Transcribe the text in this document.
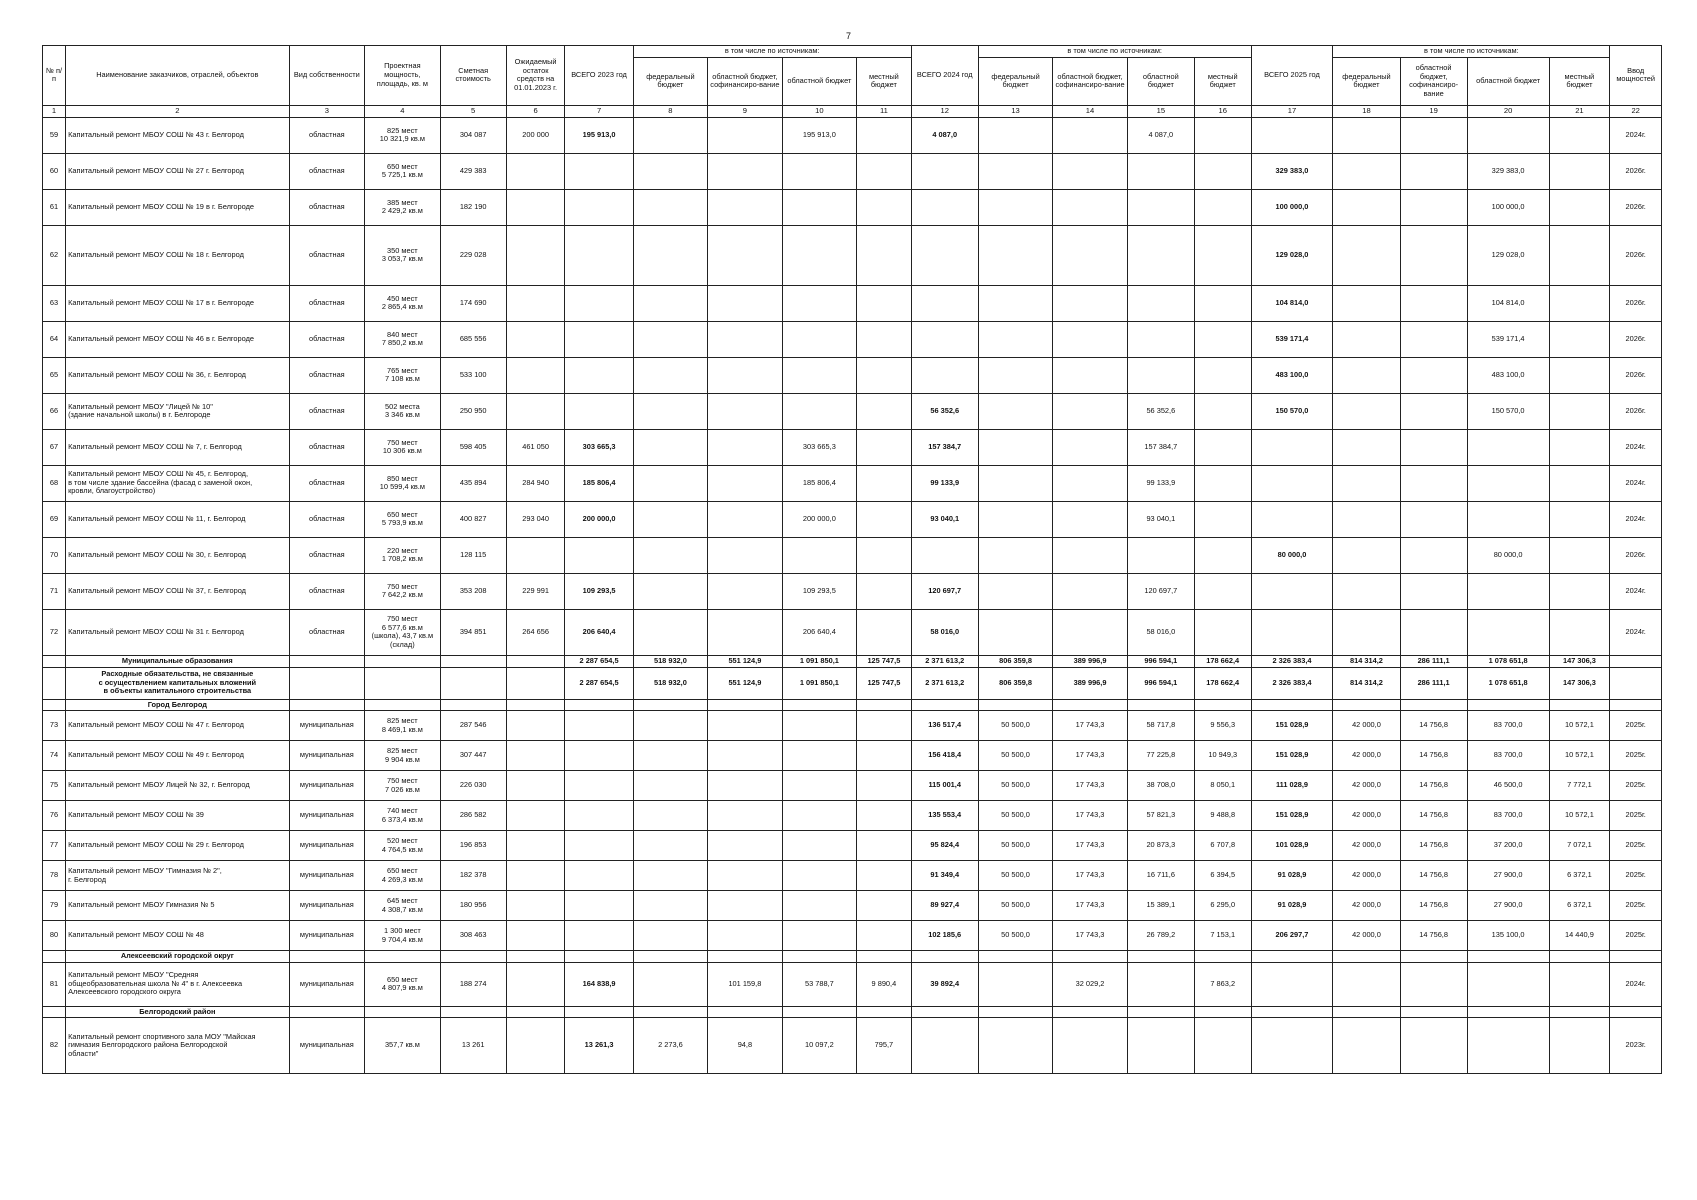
7
№ п/п	Наименование заказчиков, отраслей, объектов	Вид собственности	Проектная мощность, площадь, кв. м	Сметная стоимость	Ожидаемый остаток средств на 01.01.2023 г.	ВСЕГО 2023 год	в том числе по источникам:				ВСЕГО 2024 год	в том числе по источникам:				ВСЕГО 2025 год	в том числе по источникам:				Ввод мощностей
							федеральный бюджет	областной бюджет, софинансиро-вание	областной бюджет	местный бюджет		федеральный бюджет	областной бюджет, софинансиро-вание	областной бюджет	местный бюджет		федеральный бюджет	областной бюджет, софинансиро-вание	областной бюджет	местный бюджет	
1	2	3	4	5	6	7	8	9	10	11	12	13	14	15	16	17	18	19	20	21	22
59	Капитальный ремонт МБОУ СОШ № 43 г. Белгород	областная	825 мест
10 321,9 кв.м	304 087	200 000	195 913,0			195 913,0		4 087,0			4 087,0							2024г.
60	Капитальный ремонт МБОУ СОШ № 27 г. Белгород	областная	650 мест
5 725,1 кв.м	429 383												329 383,0			329 383,0		2026г.
61	Капитальный ремонт МБОУ СОШ № 19 в г. Белгороде	областная	385 мест
2 429,2 кв.м	182 190												100 000,0			100 000,0		2026г.
62	Капитальный ремонт МБОУ СОШ № 18 г. Белгород	областная	350 мест
3 053,7 кв.м	229 028												129 028,0			129 028,0		2026г.
63	Капитальный ремонт МБОУ СОШ № 17 в г. Белгороде	областная	450 мест
2 865,4 кв.м	174 690												104 814,0			104 814,0		2026г.
64	Капитальный ремонт МБОУ СОШ № 46 в г. Белгороде	областная	840 мест
7 850,2 кв.м	685 556												539 171,4			539 171,4		2026г.
65	Капитальный ремонт МБОУ СОШ № 36, г. Белгород	областная	765 мест
7 108 кв.м	533 100												483 100,0			483 100,0		2026г.
66	Капитальный ремонт МБОУ "Лицей № 10"
(здание начальной школы) в г. Белгороде	областная	502 места
3 346 кв.м	250 950							56 352,6			56 352,6		150 570,0			150 570,0		2026г.
67	Капитальный ремонт МБОУ СОШ № 7, г. Белгород	областная	750 мест
10 306 кв.м	598 405	461 050	303 665,3			303 665,3		157 384,7			157 384,7							2024г.
68	Капитальный ремонт МБОУ СОШ № 45, г. Белгород,
в том числе здание бассейна (фасад с заменой окон,
кровли, благоустройство)	областная	850 мест
10 599,4 кв.м	435 894	284 940	185 806,4			185 806,4		99 133,9			99 133,9							2024г.
69	Капитальный ремонт МБОУ СОШ № 11, г. Белгород	областная	650 мест
5 793,9 кв.м	400 827	293 040	200 000,0			200 000,0		93 040,1			93 040,1							2024г.
70	Капитальный ремонт МБОУ СОШ № 30, г. Белгород	областная	220 мест
1 708,2 кв.м	128 115												80 000,0			80 000,0		2026г.
71	Капитальный ремонт МБОУ СОШ № 37, г. Белгород	областная	750 мест
7 642,2 кв.м	353 208	229 991	109 293,5			109 293,5		120 697,7			120 697,7							2024г.
72	Капитальный ремонт МБОУ СОШ № 31 г. Белгород	областная	750 мест
6 577,6 кв.м
(школа), 43,7 кв.м
(склад)	394 851	264 656	206 640,4			206 640,4		58 016,0			58 016,0							2024г.
	Муниципальные образования					2 287 654,5	518 932,0	551 124,9	1 091 850,1	125 747,5	2 371 613,2	806 359,8	389 996,9	996 594,1	178 662,4	2 326 383,4	814 314,2	286 111,1	1 078 651,8	147 306,3	
	Расходные обязательства, не связанные
с осуществлением капитальных вложений
в объекты капитального строительства					2 287 654,5	518 932,0	551 124,9	1 091 850,1	125 747,5	2 371 613,2	806 359,8	389 996,9	996 594,1	178 662,4	2 326 383,4	814 314,2	286 111,1	1 078 651,8	147 306,3	
	Город Белгород																				
73	Капитальный ремонт МБОУ СОШ № 47 г. Белгород	муниципальная	825 мест
8 469,1 кв.м	287 546							136 517,4	50 500,0	17 743,3	58 717,8	9 556,3	151 028,9	42 000,0	14 756,8	83 700,0	10 572,1	2025г.
74	Капитальный ремонт МБОУ СОШ № 49 г. Белгород	муниципальная	825 мест
9 904 кв.м	307 447							156 418,4	50 500,0	17 743,3	77 225,8	10 949,3	151 028,9	42 000,0	14 756,8	83 700,0	10 572,1	2025г.
75	Капитальный ремонт МБОУ Лицей № 32, г. Белгород	муниципальная	750 мест
7 026 кв.м	226 030							115 001,4	50 500,0	17 743,3	38 708,0	8 050,1	111 028,9	42 000,0	14 756,8	46 500,0	7 772,1	2025г.
76	Капитальный ремонт МБОУ СОШ № 39	муниципальная	740 мест
6 373,4 кв.м	286 582							135 553,4	50 500,0	17 743,3	57 821,3	9 488,8	151 028,9	42 000,0	14 756,8	83 700,0	10 572,1	2025г.
77	Капитальный ремонт МБОУ СОШ № 29 г. Белгород	муниципальная	520 мест
4 764,5 кв.м	196 853							95 824,4	50 500,0	17 743,3	20 873,3	6 707,8	101 028,9	42 000,0	14 756,8	37 200,0	7 072,1	2025г.
78	Капитальный ремонт МБОУ "Гимназия № 2",
г. Белгород	муниципальная	650 мест
4 269,3 кв.м	182 378							91 349,4	50 500,0	17 743,3	16 711,6	6 394,5	91 028,9	42 000,0	14 756,8	27 900,0	6 372,1	2025г.
79	Капитальный ремонт МБОУ Гимназия № 5	муниципальная	645 мест
4 308,7 кв.м	180 956							89 927,4	50 500,0	17 743,3	15 389,1	6 295,0	91 028,9	42 000,0	14 756,8	27 900,0	6 372,1	2025г.
80	Капитальный ремонт МБОУ СОШ № 48	муниципальная	1 300 мест
9 704,4 кв.м	308 463							102 185,6	50 500,0	17 743,3	26 789,2	7 153,1	206 297,7	42 000,0	14 756,8	135 100,0	14 440,9	2025г.
	Алексеевский городской округ																				
81	Капитальный ремонт МБОУ "Средняя
общеобразовательная школа № 4" в г. Алексеевка
Алексеевского городского округа	муниципальная	650 мест
4 807,9 кв.м	188 274		164 838,9		101 159,8	53 788,7	9 890,4	39 892,4		32 029,2		7 863,2						2024г.
	Белгородский район																				
82	Капитальный ремонт спортивного зала МОУ "Майская
гимназия Белгородского района Белгородской
области"	муниципальная	357,7 кв.м	13 261		13 261,3	2 273,6	94,8	10 097,2	795,7											2023г.
